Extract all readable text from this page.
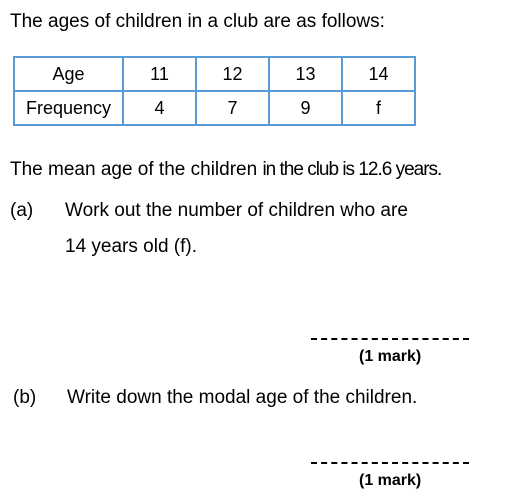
The ages of children in a club are as follows:
Age	11	12	13	14
Frequency	4	7	9	f
The mean age of the children in the club is 12.6 years.
(a) Work out the number of children who are
14 years old (f).
(1 mark)
(b) Write down the modal age of the children.
(1 mark)
